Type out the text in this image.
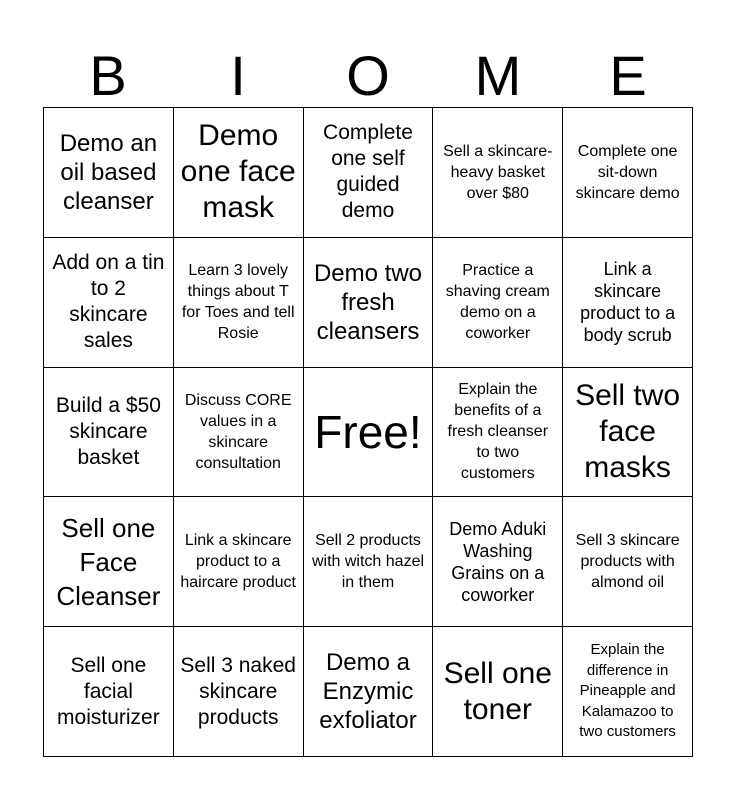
B	I	O	M	E
Demo an oil based cleanser
Demo one face mask
Complete one self guided demo
Sell a skincare-heavy basket over $80
Complete one sit-down skincare demo
Add on a tin to 2 skincare sales
Learn 3 lovely things about T for Toes and tell Rosie
Demo two fresh cleansers
Practice a shaving cream demo on a coworker
Link a skincare product to a body scrub
Build a $50 skincare basket
Discuss CORE values in a skincare consultation
Free!
Explain the benefits of a fresh cleanser to two customers
Sell two face masks
Sell one Face Cleanser
Link a skincare product to a haircare product
Sell 2 products with witch hazel in them
Demo Aduki Washing Grains on a coworker
Sell 3 skincare products with almond oil
Sell one facial moisturizer
Sell 3 naked skincare products
Demo a Enzymic exfoliator
Sell one toner
Explain the difference in Pineapple and Kalamazoo to two customers
